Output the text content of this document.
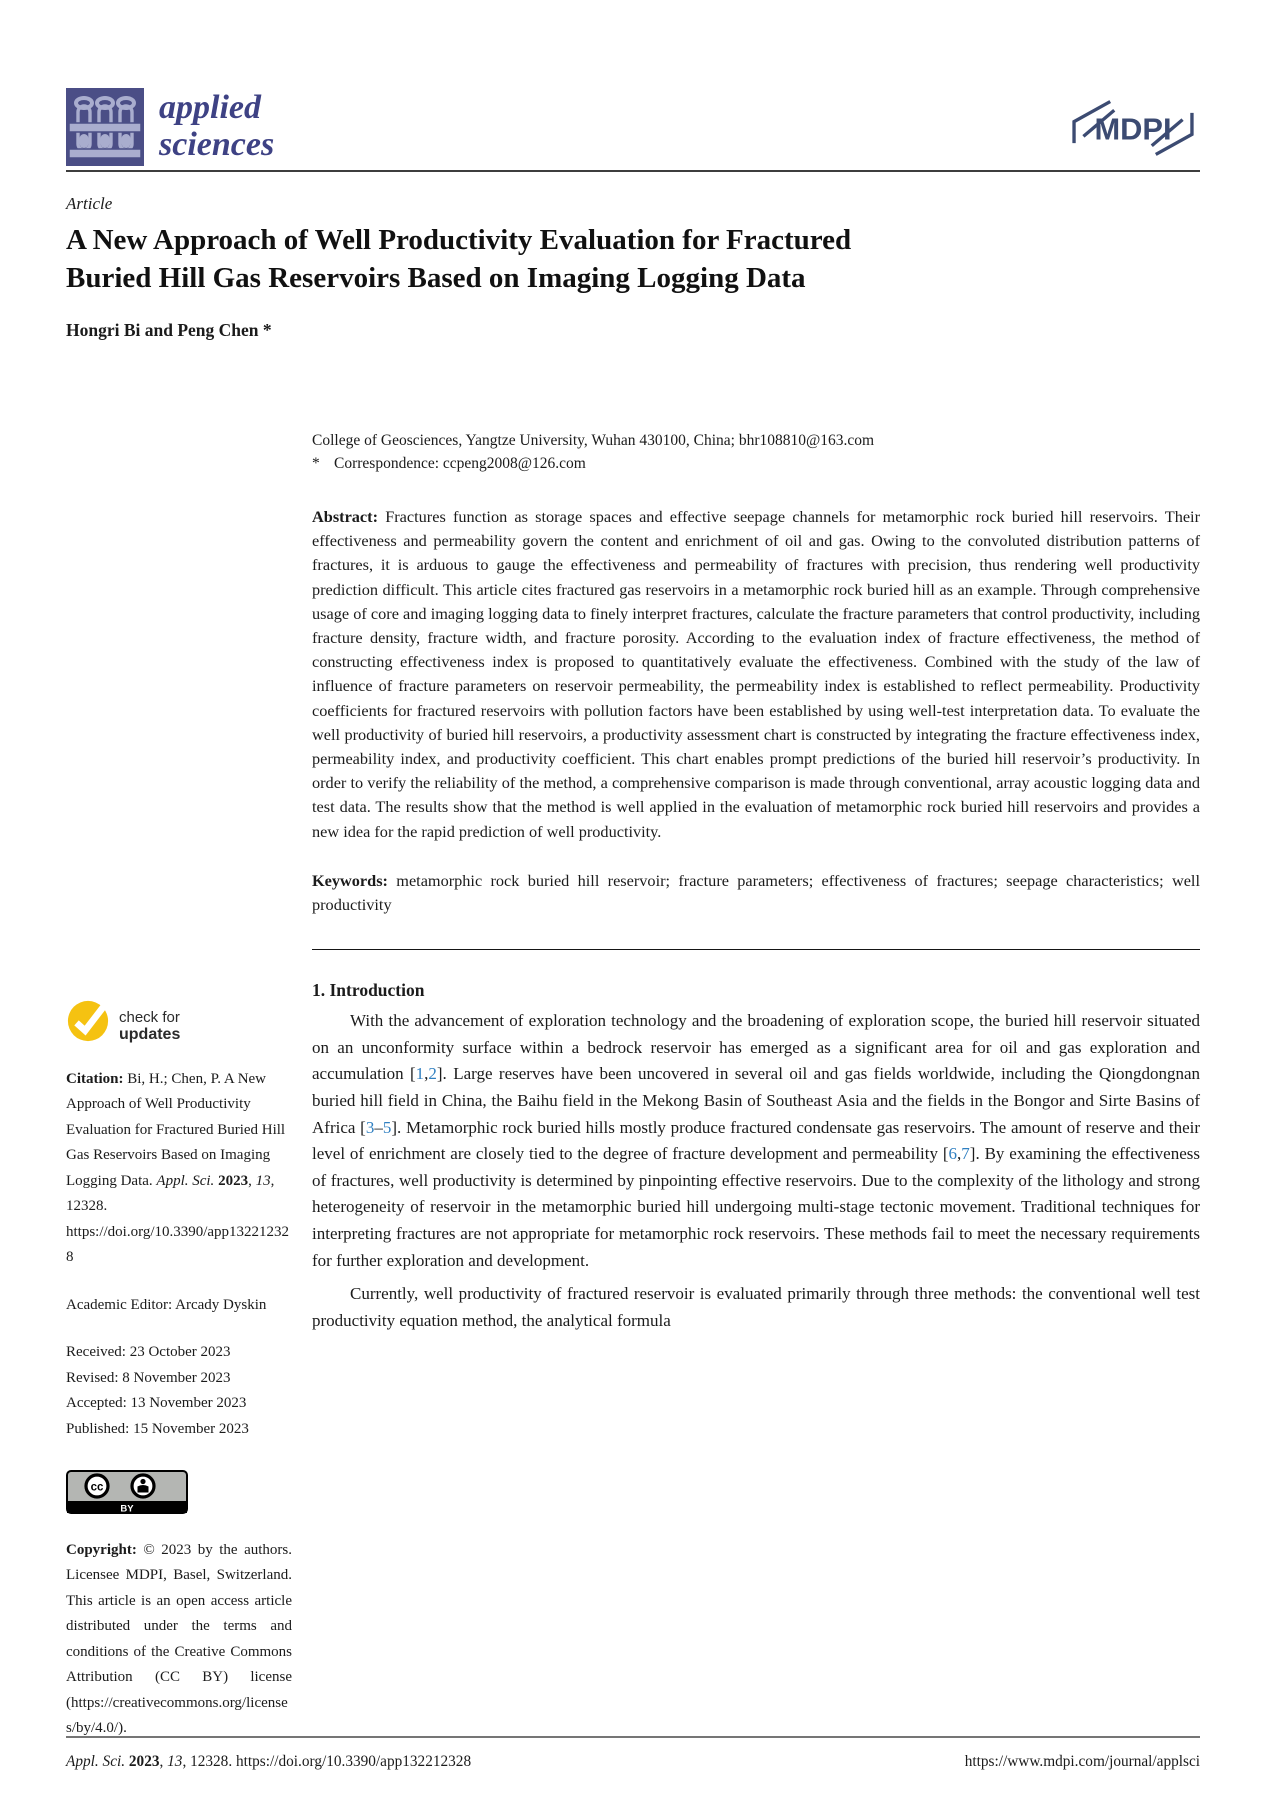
applied
sciences	MDPI
Article
A New Approach of Well Productivity Evaluation for Fractured
Buried Hill Gas Reservoirs Based on Imaging Logging Data
Hongri Bi and Peng Chen *
check for
updates
Citation: Bi, H.; Chen, P. A New Approach of Well Productivity Evaluation for Fractured Buried Hill Gas Reservoirs Based on Imaging Logging Data. Appl. Sci. 2023, 13, 12328. https://doi.org/10.3390/app132212328
Academic Editor: Arcady Dyskin
Received: 23 October 2023
Revised: 8 November 2023
Accepted: 13 November 2023
Published: 15 November 2023
cc
BY
Copyright: © 2023 by the authors. Licensee MDPI, Basel, Switzerland. This article is an open access article distributed under the terms and conditions of the Creative Commons Attribution (CC BY) license (https://creativecommons.org/licenses/by/4.0/).
College of Geosciences, Yangtze University, Wuhan 430100, China; bhr108810@163.com
* Correspondence: ccpeng2008@126.com
Abstract: Fractures function as storage spaces and effective seepage channels for metamorphic rock buried hill reservoirs. Their effectiveness and permeability govern the content and enrichment of oil and gas. Owing to the convoluted distribution patterns of fractures, it is arduous to gauge the effectiveness and permeability of fractures with precision, thus rendering well productivity prediction difficult. This article cites fractured gas reservoirs in a metamorphic rock buried hill as an example. Through comprehensive usage of core and imaging logging data to finely interpret fractures, calculate the fracture parameters that control productivity, including fracture density, fracture width, and fracture porosity. According to the evaluation index of fracture effectiveness, the method of constructing effectiveness index is proposed to quantitatively evaluate the effectiveness. Combined with the study of the law of influence of fracture parameters on reservoir permeability, the permeability index is established to reflect permeability. Productivity coefficients for fractured reservoirs with pollution factors have been established by using well-test interpretation data. To evaluate the well productivity of buried hill reservoirs, a productivity assessment chart is constructed by integrating the fracture effectiveness index, permeability index, and productivity coefficient. This chart enables prompt predictions of the buried hill reservoir’s productivity. In order to verify the reliability of the method, a comprehensive comparison is made through conventional, array acoustic logging data and test data. The results show that the method is well applied in the evaluation of metamorphic rock buried hill reservoirs and provides a new idea for the rapid prediction of well productivity.
Keywords: metamorphic rock buried hill reservoir; fracture parameters; effectiveness of fractures; seepage characteristics; well productivity
1. Introduction

With the advancement of exploration technology and the broadening of exploration scope, the buried hill reservoir situated on an unconformity surface within a bedrock reservoir has emerged as a significant area for oil and gas exploration and accumulation [1,2]. Large reserves have been uncovered in several oil and gas fields worldwide, including the Qiongdongnan buried hill field in China, the Baihu field in the Mekong Basin of Southeast Asia and the fields in the Bongor and Sirte Basins of Africa [3–5]. Metamorphic rock buried hills mostly produce fractured condensate gas reservoirs. The amount of reserve and their level of enrichment are closely tied to the degree of fracture development and permeability [6,7]. By examining the effectiveness of fractures, well productivity is determined by pinpointing effective reservoirs. Due to the complexity of the lithology and strong heterogeneity of reservoir in the metamorphic buried hill undergoing multi-stage tectonic movement. Traditional techniques for interpreting fractures are not appropriate for metamorphic rock reservoirs. These methods fail to meet the necessary requirements for further exploration and development.

Currently, well productivity of fractured reservoir is evaluated primarily through three methods: the conventional well test productivity equation method, the analytical formula

Appl. Sci. 2023, 13, 12328. https://doi.org/10.3390/app132212328	https://www.mdpi.com/journal/applsci
